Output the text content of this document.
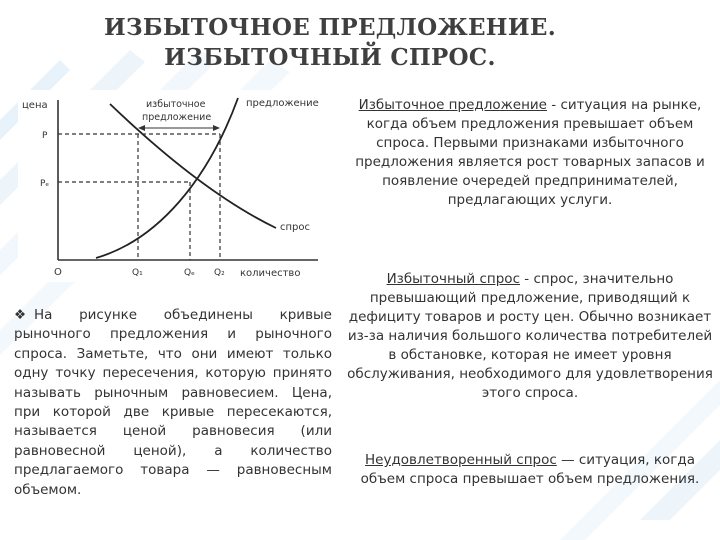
ИЗБЫТОЧНОЕ ПРЕДЛОЖЕНИЕ.
ИЗБЫТОЧНЫЙ СПРОС.
цена
количество
O
P
Pₑ
Q₁	Qₑ Q₂
избыточное
предложение
предложение
спрос
❖ На рисунке объединены кривые рыночного предложения и рыночного спроса. Заметьте, что они имеют только одну точку пересечения, которую принято называть рыночным равновесием. Цена, при которой две кривые пересекаются, называется ценой равновесия (или равновесной ценой), а количество предлагаемого товара — равновесным объемом.
Избыточное предложение - ситуация на рынке, когда объем предложения превышает объем спроса. Первыми признаками избыточного предложения является рост товарных запасов и появление очередей предпринимателей, предлагающих услуги.
Избыточный спрос - спрос, значительно превышающий предложение, приводящий к дефициту товаров и росту цен. Обычно возникает из-за наличия большого количества потребителей в обстановке, которая не имеет уровня обслуживания, необходимого для удовлетворения этого спроса.
Неудовлетворенный спрос — ситуация, когда объем спроса превышает объем предложения.
